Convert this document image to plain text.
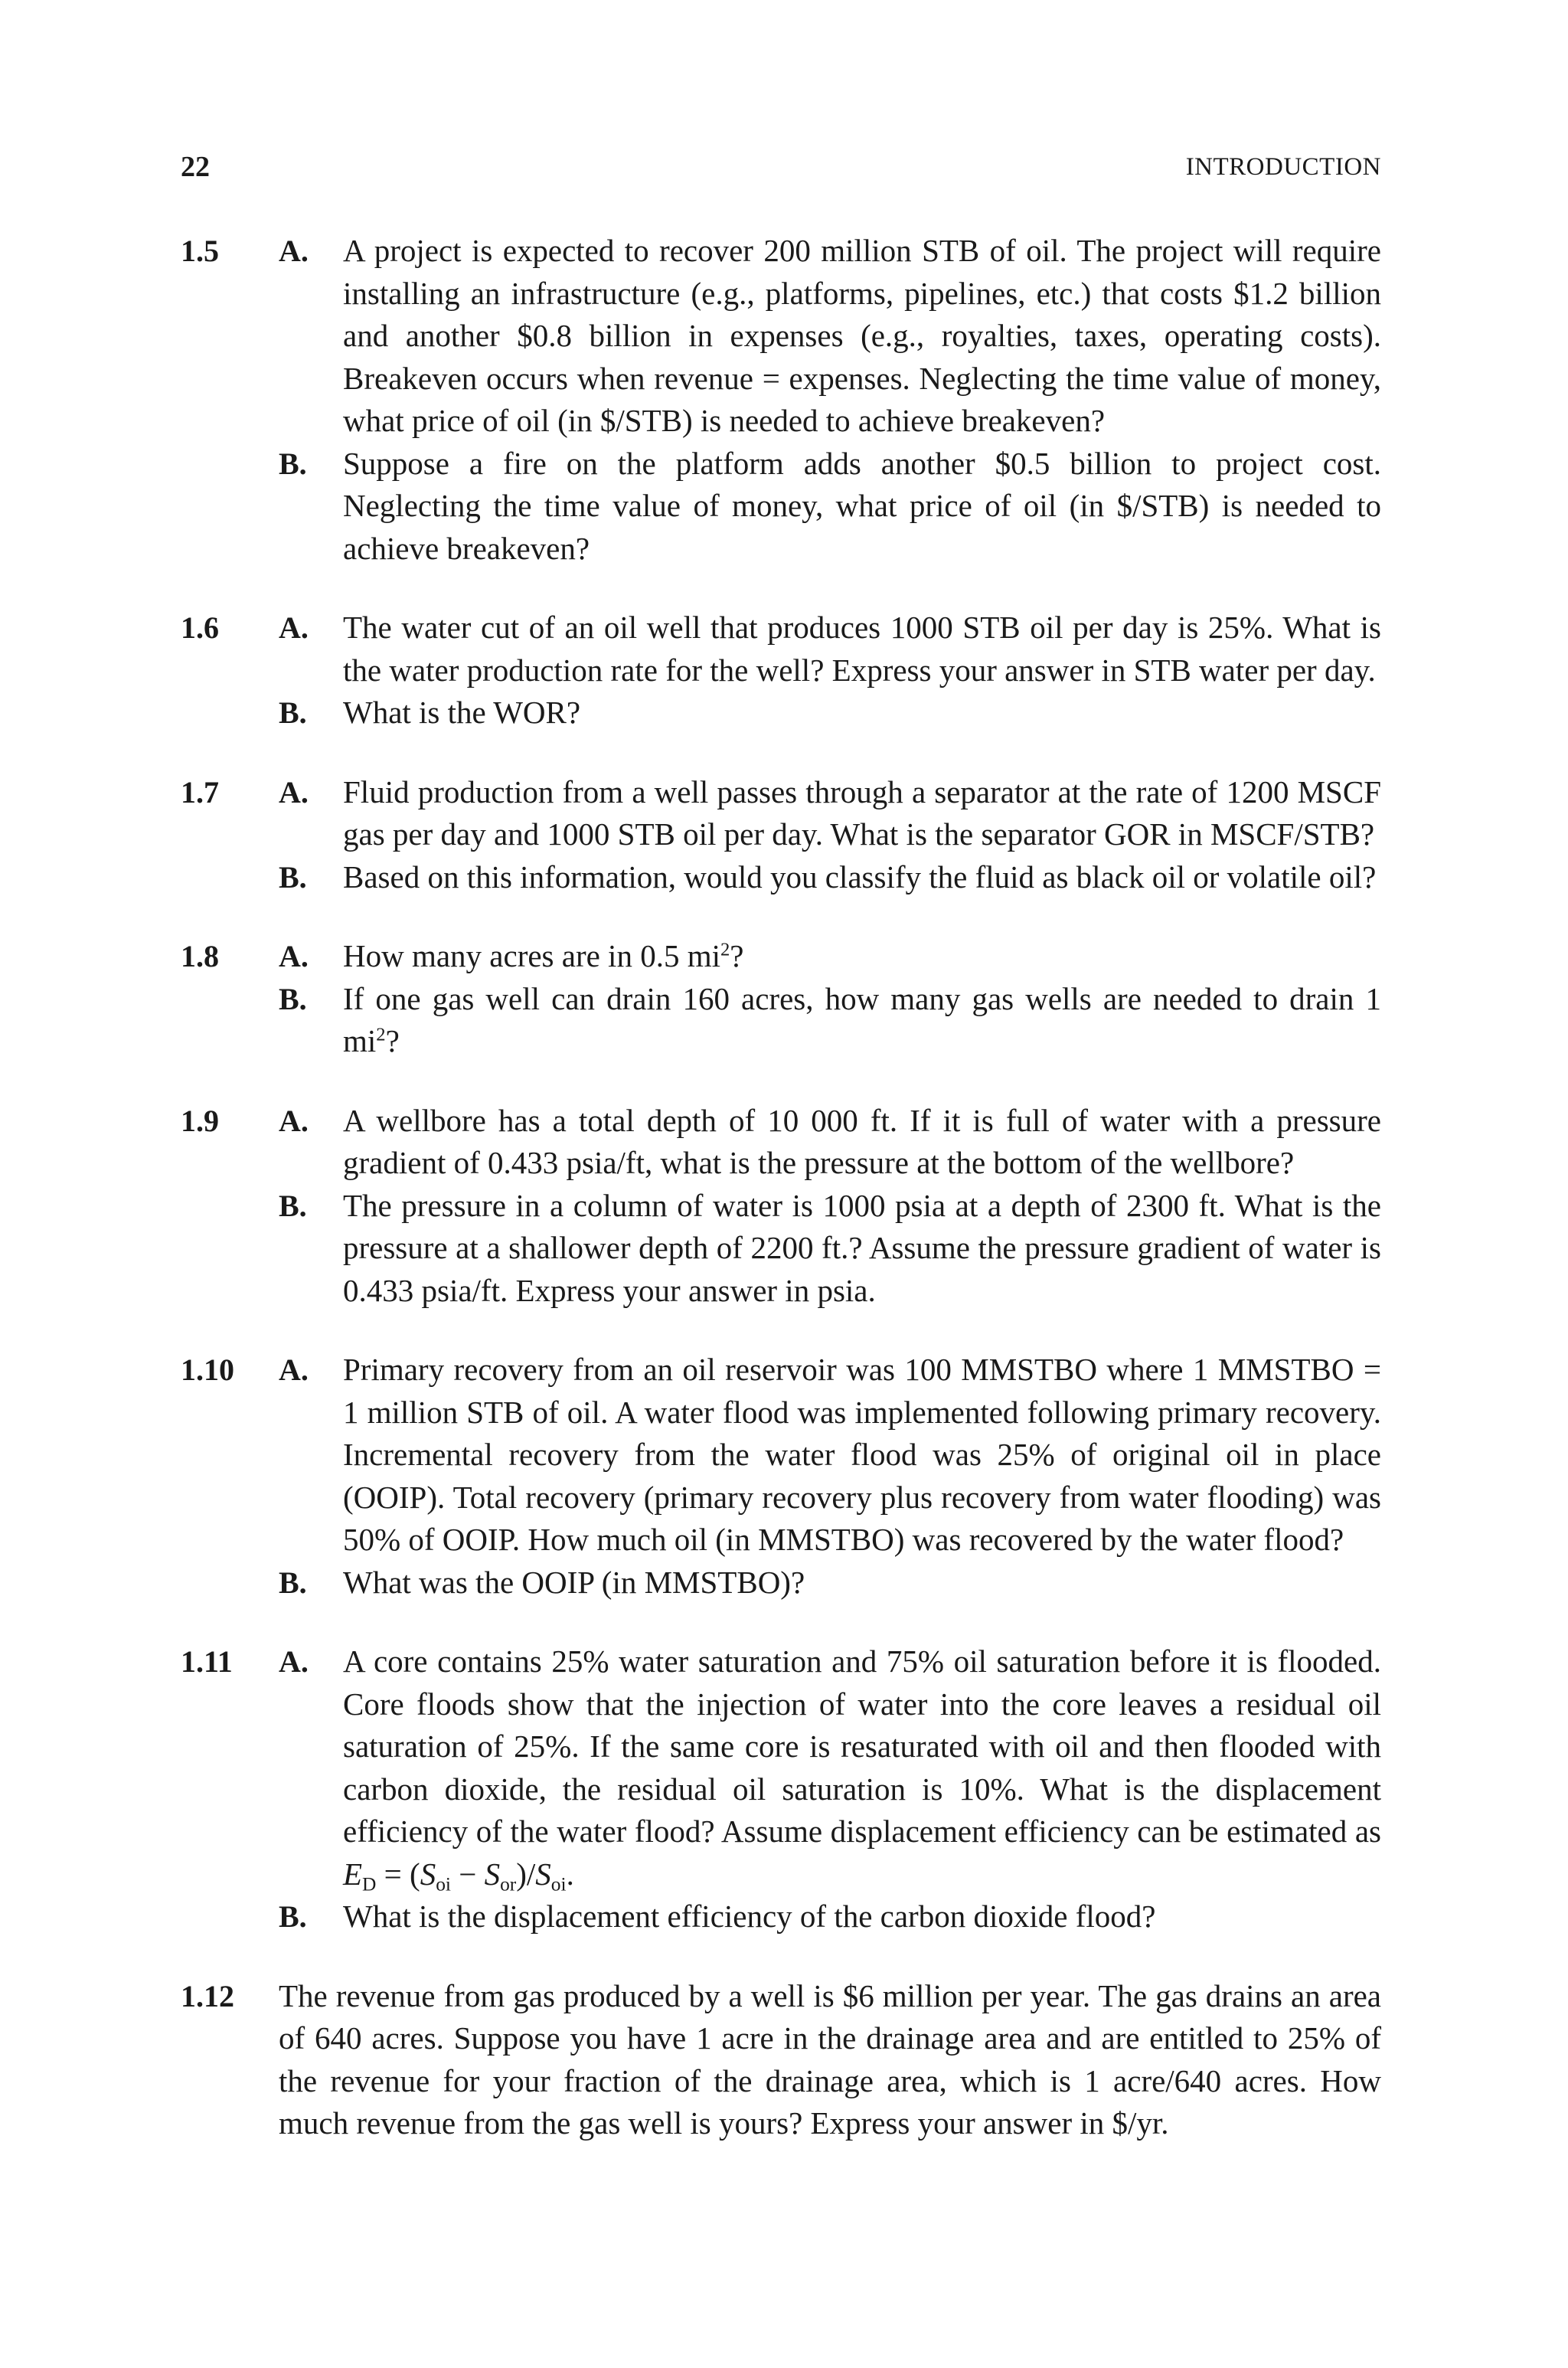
22	INTRODUCTION
1.5 A. A project is expected to recover 200 million STB of oil. The project will require installing an infrastructure (e.g., platforms, pipelines, etc.) that costs $1.2 billion and another $0.8 billion in expenses (e.g., royalties, taxes, operating costs). Breakeven occurs when revenue = expenses. Neglecting the time value of money, what price of oil (in $/STB) is needed to achieve breakeven?
B. Suppose a fire on the platform adds another $0.5 billion to project cost. Neglecting the time value of money, what price of oil (in $/STB) is needed to achieve breakeven?
1.6 A. The water cut of an oil well that produces 1000 STB oil per day is 25%. What is the water production rate for the well? Express your answer in STB water per day.
B. What is the WOR?
1.7 A. Fluid production from a well passes through a separator at the rate of 1200 MSCF gas per day and 1000 STB oil per day. What is the separator GOR in MSCF/STB?
B. Based on this information, would you classify the fluid as black oil or volatile oil?
1.8 A. How many acres are in 0.5 $mi^2$?
B. If one gas well can drain 160 acres, how many gas wells are needed to drain 1 $mi^2$?
1.9 A. A wellbore has a total depth of 10 000 ft. If it is full of water with a pressure gradient of 0.433 psia/ft, what is the pressure at the bottom of the wellbore?
B. The pressure in a column of water is 1000 psia at a depth of 2300 ft. What is the pressure at a shallower depth of 2200 ft.? Assume the pressure gradient of water is 0.433 psia/ft. Express your answer in psia.
1.10 A. Primary recovery from an oil reservoir was 100 MMSTBO where 1 MMSTBO = 1 million STB of oil. A water flood was implemented following primary recovery. Incremental recovery from the water flood was 25% of original oil in place (OOIP). Total recovery (primary recovery plus recovery from water flooding) was 50% of OOIP. How much oil (in MMSTBO) was recovered by the water flood?
B. What was the OOIP (in MMSTBO)?
1.11 A. A core contains 25% water saturation and 75% oil saturation before it is flooded. Core floods show that the injection of water into the core leaves a residual oil saturation of 25%. If the same core is resaturated with oil and then flooded with carbon dioxide, the residual oil saturation is 10%. What is the displacement efficiency of the water flood? Assume displacement efficiency can be estimated as $E_D = (S_{oi} - S_{or})/S_{oi}$.
B. What is the displacement efficiency of the carbon dioxide flood?
1.12	The revenue from gas produced by a well is $6 million per year. The gas drains an area of 640 acres. Suppose you have 1 acre in the drainage area and are entitled to 25% of the revenue for your fraction of the drainage area, which is 1 acre/640 acres. How much revenue from the gas well is yours? Express your answer in $/yr.
